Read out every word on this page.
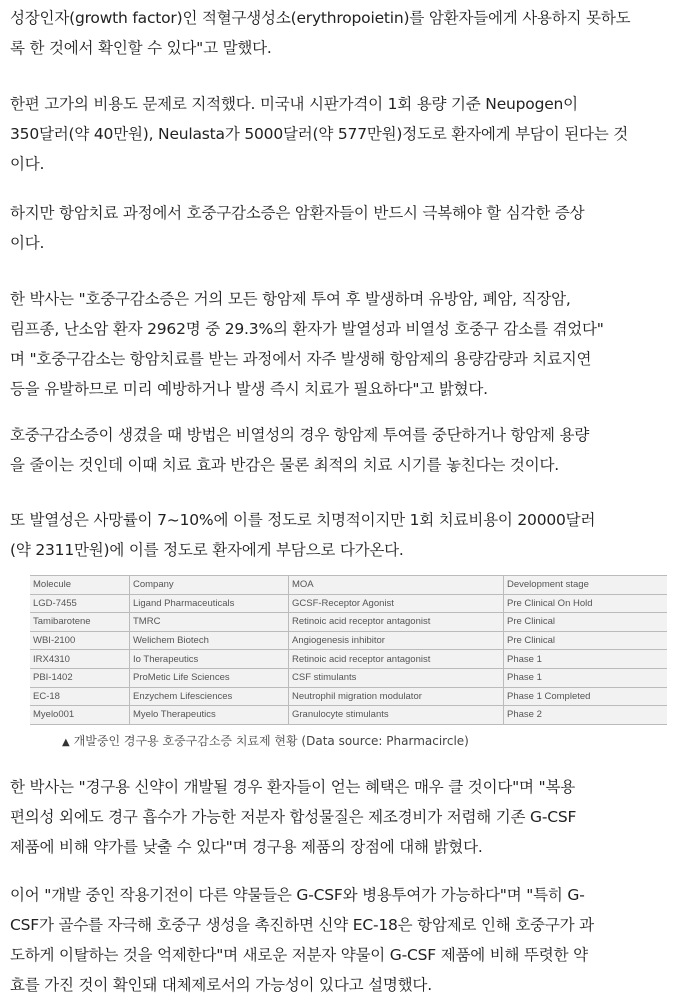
성장인자(growth factor)인 적혈구생성소(erythropoietin)를 암환자들에게 사용하지 못하도
록 한 것에서 확인할 수 있다"고 말했다.
한편 고가의 비용도 문제로 지적했다. 미국내 시판가격이 1회 용량 기준 Neupogen이
350달러(약 40만원), Neulasta가 5000달러(약 577만원)정도로 환자에게 부담이 된다는 것
이다.
하지만 항암치료 과정에서 호중구감소증은 암환자들이 반드시 극복해야 할 심각한 증상
이다.
한 박사는 "호중구감소증은 거의 모든 항암제 투여 후 발생하며 유방암, 폐암, 직장암,
림프종, 난소암 환자 2962명 중 29.3%의 환자가 발열성과 비열성 호중구 감소를 겪었다"
며 "호중구감소는 항암치료를 받는 과정에서 자주 발생해 항암제의 용량감량과 치료지연
등을 유발하므로 미리 예방하거나 발생 즉시 치료가 필요하다"고 밝혔다.
호중구감소증이 생겼을 때 방법은 비열성의 경우 항암제 투여를 중단하거나 항암제 용량
을 줄이는 것인데 이때 치료 효과 반감은 물론 최적의 치료 시기를 놓친다는 것이다.
또 발열성은 사망률이 7~10%에 이를 정도로 치명적이지만 1회 치료비용이 20000달러
(약 2311만원)에 이를 정도로 환자에게 부담으로 다가온다.
Molecule	Company	MOA	Development stage
LGD-7455	Ligand Pharmaceuticals	GCSF-Receptor Agonist	Pre Clinical On Hold
Tamibarotene	TMRC	Retinoic acid receptor antagonist	Pre Clinical
WBI-2100	Welichem Biotech	Angiogenesis inhibitor	Pre Clinical
IRX4310	Io Therapeutics	Retinoic acid receptor antagonist	Phase 1
PBI-1402	ProMetic Life Sciences	CSF stimulants	Phase 1
EC-18	Enzychem Lifesciences	Neutrophil migration modulator	Phase 1 Completed
Myelo001	Myelo Therapeutics	Granulocyte stimulants	Phase 2
▲ 개발중인 경구용 호중구감소증 치료제 현황 (Data source: Pharmacircle)
한 박사는 "경구용 신약이 개발될 경우 환자들이 얻는 혜택은 매우 클 것이다"며 "복용
편의성 외에도 경구 흡수가 가능한 저분자 합성물질은 제조경비가 저렴해 기존 G-CSF
제품에 비해 약가를 낮출 수 있다"며 경구용 제품의 장점에 대해 밝혔다.
이어 "개발 중인 작용기전이 다른 약물들은 G-CSF와 병용투여가 가능하다"며 "특히 G-
CSF가 골수를 자극해 호중구 생성을 촉진하면 신약 EC-18은 항암제로 인해 호중구가 과
도하게 이탈하는 것을 억제한다"며 새로운 저분자 약물이 G-CSF 제품에 비해 뚜렷한 약
효를 가진 것이 확인돼 대체제로서의 가능성이 있다고 설명했다.
